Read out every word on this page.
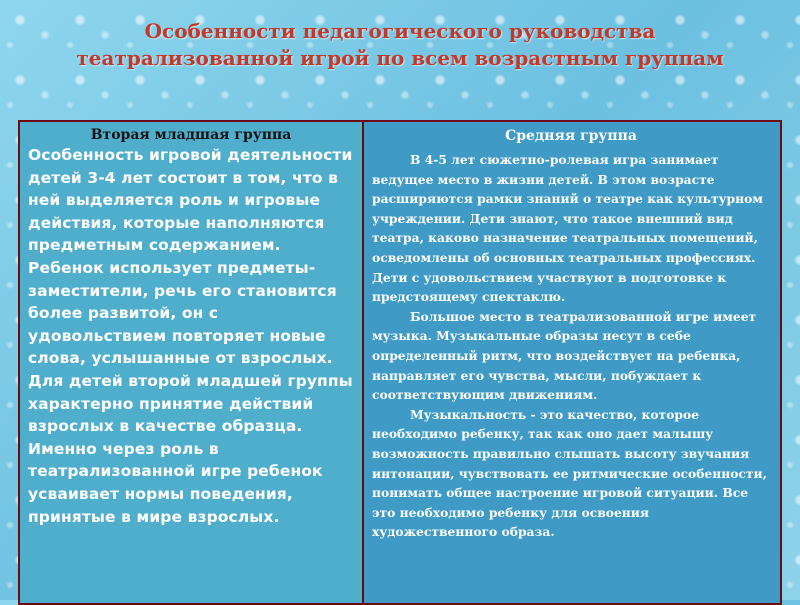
Особенности педагогического руководства театрализованной игрой по всем возрастным группам
Вторая младшая группа
Особенность игровой деятельности детей 3-4 лет состоит в том, что в ней выделяется роль и игровые действия, которые наполняются предметным содержанием. Ребенок использует предметы-заместители, речь его становится более развитой, он с удовольствием повторяет новые слова, услышанные от взрослых. Для детей второй младшей группы характерно принятие действий взрослых в качестве образца. Именно через роль в театрализованной игре ребенок усваивает нормы поведения, принятые в мире взрослых.
Средняя группа

В 4-5 лет сюжетно-ролевая игра занимает ведущее место в жизни детей. В этом возрасте расширяются рамки знаний о театре как культурном учреждении. Дети знают, что такое внешний вид театра, каково назначение театральных помещений, осведомлены об основных театральных профессиях. Дети с удовольствием участвуют в подготовке к предстоящему спектаклю.

Большое место в театрализованной игре имеет музыка. Музыкальные образы несут в себе определенный ритм, что воздействует на ребенка, направляет его чувства, мысли, побуждает к соответствующим движениям.

Музыкальность - это качество, которое необходимо ребенку, так как оно дает малышу возможность правильно слышать высоту звучания интонации, чувствовать ее ритмические особенности, понимать общее настроение игровой ситуации. Все это необходимо ребенку для освоения художественного образа.
